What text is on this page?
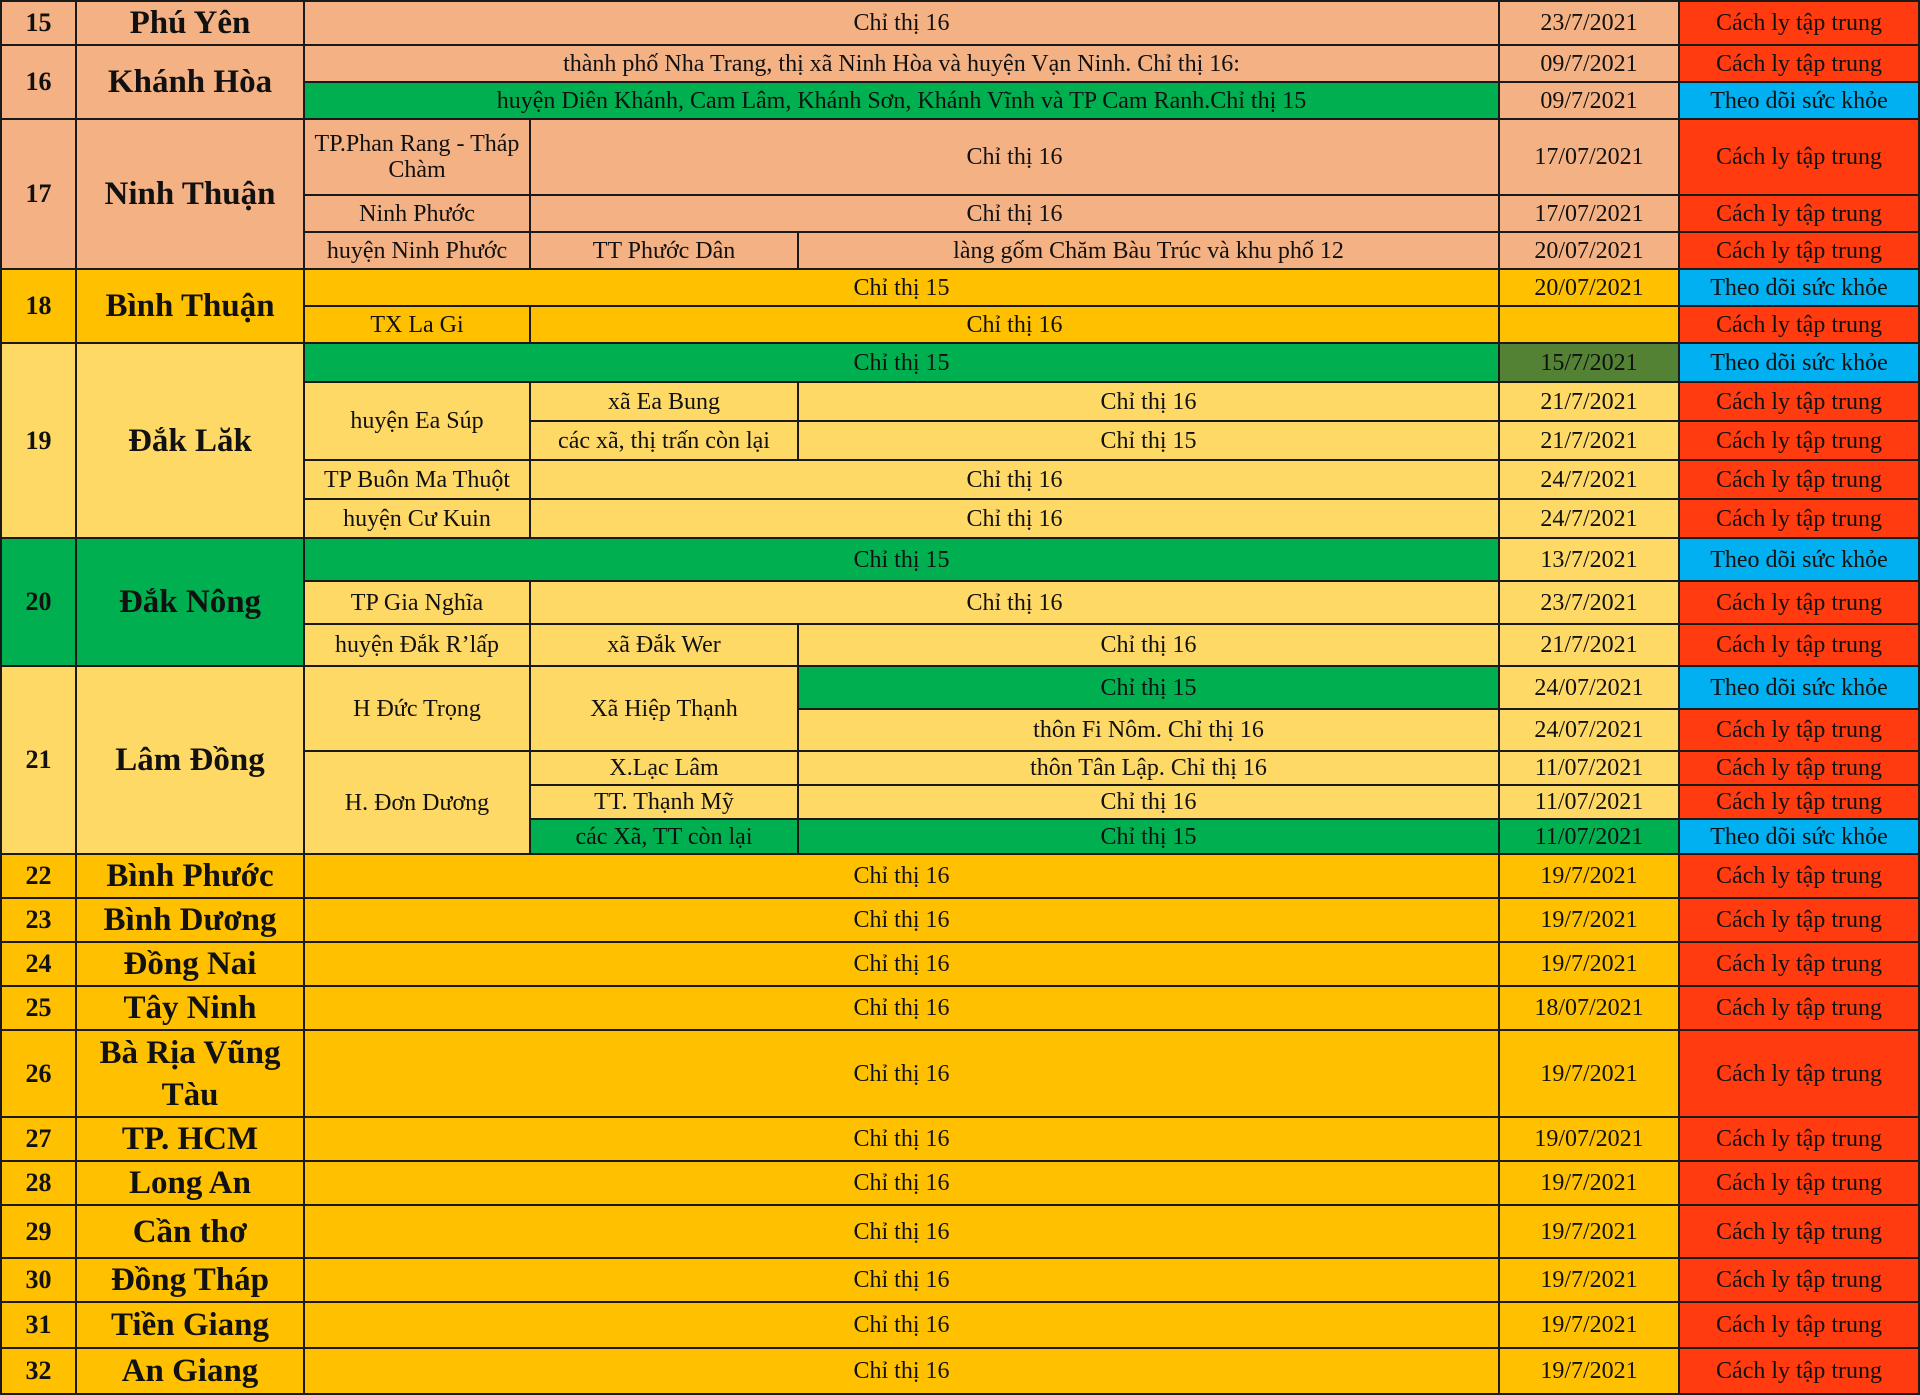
15	Phú Yên	Chỉ thị 16			23/7/2021	Cách ly tập trung
16	Khánh Hòa	thành phố Nha Trang, thị xã Ninh Hòa và huyện Vạn Ninh. Chỉ thị 16:			09/7/2021	Cách ly tập trung
		huyện Diên Khánh, Cam Lâm, Khánh Sơn, Khánh Vĩnh và TP Cam Ranh.Chỉ thị 15			09/7/2021	Theo dõi sức khỏe
17	Ninh Thuận	TP.Phan Rang - Tháp Chàm	Chỉ thị 16		17/07/2021	Cách ly tập trung
		Ninh Phước	Chỉ thị 16		17/07/2021	Cách ly tập trung
		huyện Ninh Phước	TT Phước Dân	làng gốm Chăm Bàu Trúc và khu phố 12	20/07/2021	Cách ly tập trung
18	Bình Thuận	Chỉ thị 15			20/07/2021	Theo dõi sức khỏe
		TX La Gi	Chỉ thị 16			Cách ly tập trung
19	Đắk Lăk	Chỉ thị 15			15/7/2021	Theo dõi sức khỏe
		huyện Ea Súp	xã Ea Bung	Chỉ thị 16	21/7/2021	Cách ly tập trung
			các xã, thị trấn còn lại	Chỉ thị 15	21/7/2021	Cách ly tập trung
		TP Buôn Ma Thuột	Chỉ thị 16		24/7/2021	Cách ly tập trung
		huyện Cư Kuin	Chỉ thị 16		24/7/2021	Cách ly tập trung
20	Đắk Nông	Chỉ thị 15			13/7/2021	Theo dõi sức khỏe
		TP Gia Nghĩa	Chỉ thị 16		23/7/2021	Cách ly tập trung
		huyện Đắk R’lấp	xã Đắk Wer	Chỉ thị 16	21/7/2021	Cách ly tập trung
21	Lâm Đồng	H Đức Trọng	Xã Hiệp Thạnh	Chỉ thị 15	24/07/2021	Theo dõi sức khỏe
				thôn Fi Nôm. Chỉ thị 16	24/07/2021	Cách ly tập trung
		H. Đơn Dương	X.Lạc Lâm	thôn Tân Lập. Chỉ thị 16	11/07/2021	Cách ly tập trung
			TT. Thạnh Mỹ	Chỉ thị 16	11/07/2021	Cách ly tập trung
			các Xã, TT còn lại	Chỉ thị 15	11/07/2021	Theo dõi sức khỏe
22	Bình Phước	Chỉ thị 16			19/7/2021	Cách ly tập trung
23	Bình Dương	Chỉ thị 16			19/7/2021	Cách ly tập trung
24	Đồng Nai	Chỉ thị 16			19/7/2021	Cách ly tập trung
25	Tây Ninh	Chỉ thị 16			18/07/2021	Cách ly tập trung
26	Bà Rịa Vũng Tàu	Chỉ thị 16			19/7/2021	Cách ly tập trung
27	TP. HCM	Chỉ thị 16			19/07/2021	Cách ly tập trung
28	Long An	Chỉ thị 16			19/7/2021	Cách ly tập trung
29	Cần thơ	Chỉ thị 16			19/7/2021	Cách ly tập trung
30	Đồng Tháp	Chỉ thị 16			19/7/2021	Cách ly tập trung
31	Tiền Giang	Chỉ thị 16			19/7/2021	Cách ly tập trung
32	An Giang	Chỉ thị 16			19/7/2021	Cách ly tập trung
